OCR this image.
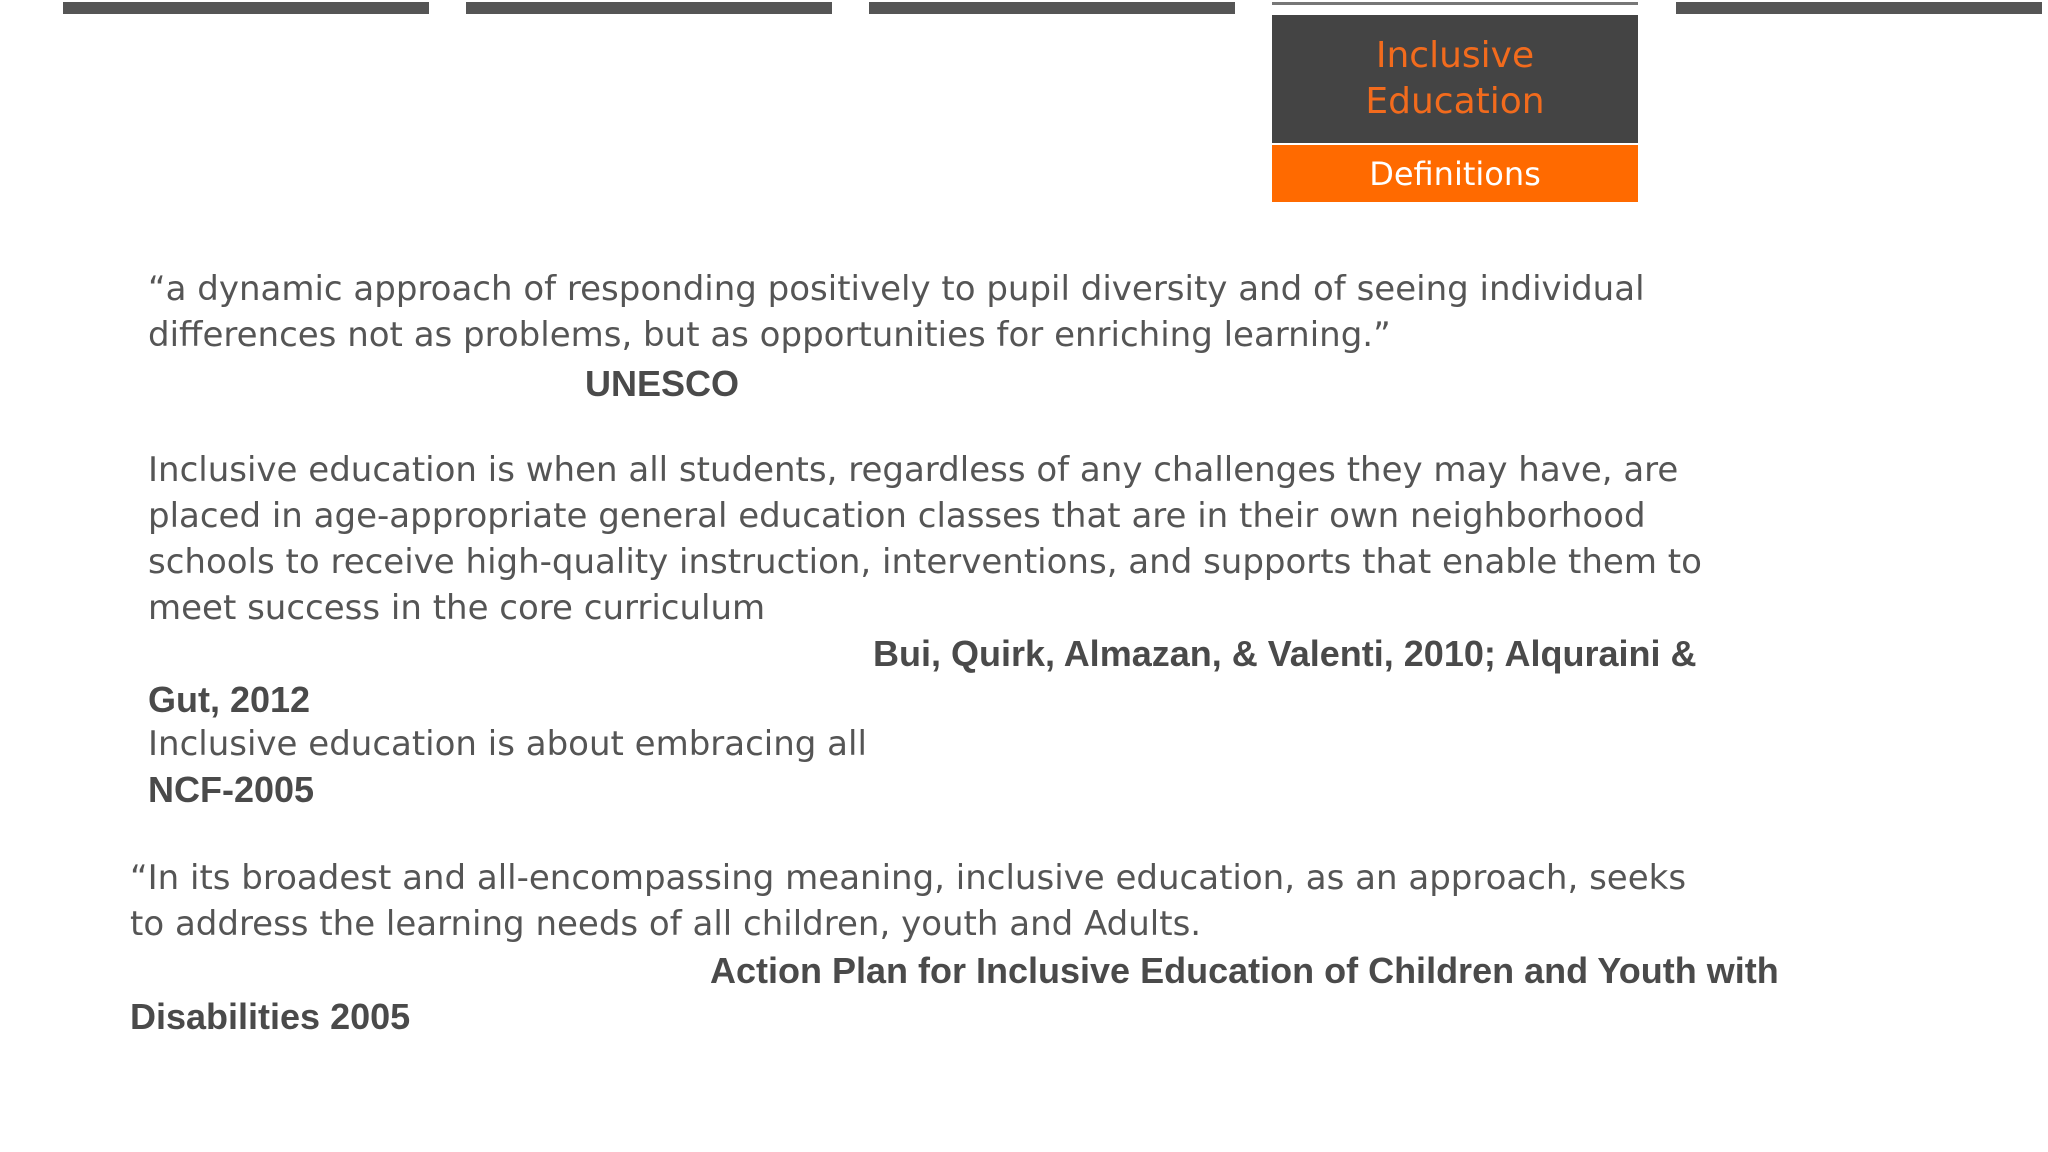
Inclusive
Education
Definitions

“a dynamic approach of responding positively to pupil diversity and of seeing individual
differences not as problems, but as opportunities for enriching learning.”

UNESCO

Inclusive education is when all students, regardless of any challenges they may have, are
placed in age-appropriate general education classes that are in their own neighborhood
schools to receive high-quality instruction, interventions, and supports that enable them to
meet success in the core curriculum

Bui, Quirk, Almazan, & Valenti, 2010; Alquraini &
Gut, 2012

Inclusive education is about embracing all

NCF-2005

“In its broadest and all-encompassing meaning, inclusive education, as an approach, seeks
to address the learning needs of all children, youth and Adults.

Action Plan for Inclusive Education of Children and Youth with
Disabilities 2005
